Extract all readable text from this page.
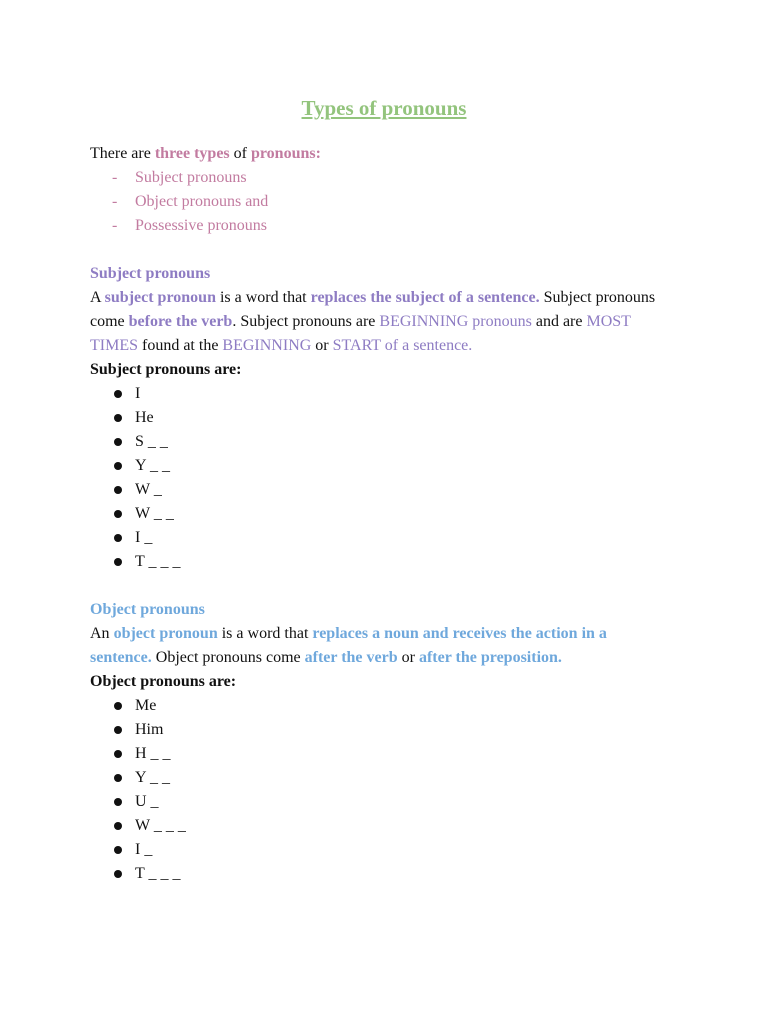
Types of pronouns

There are three types of pronouns:

- Subject pronouns
- Object pronouns and
- Possessive pronouns

Subject pronouns

A subject pronoun is a word that replaces the subject of a sentence. Subject pronouns come before the verb. Subject pronouns are BEGINNING pronouns and are MOST TIMES found at the BEGINNING or START of a sentence.

Subject pronouns are:

I
He
S _ _
Y _ _
W _
W _ _
I _
T _ _ _

Object pronouns

An object pronoun is a word that replaces a noun and receives the action in a sentence. Object pronouns come after the verb or after the preposition.

Object pronouns are:

Me
Him
H _ _
Y _ _
U _
W _ _ _
I _
T _ _ _
